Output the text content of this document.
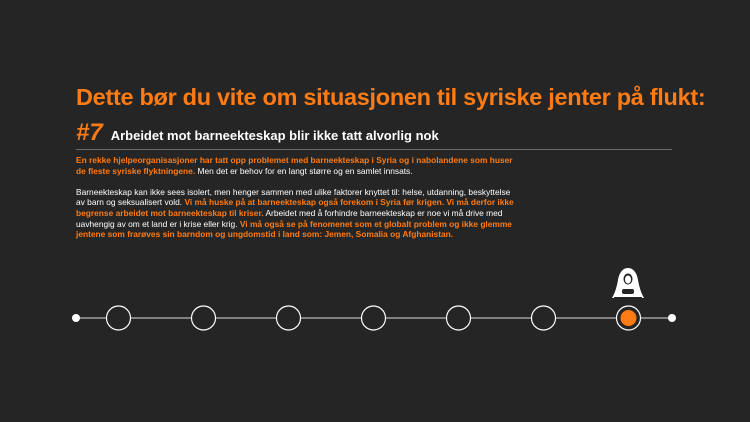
Dette bør du vite om situasjonen til syriske jenter på flukt:
#7 Arbeidet mot barneekteskap blir ikke tatt alvorlig nok

En rekke hjelpeorganisasjoner har tatt opp problemet med barneekteskap i Syria og i nabolandene som huser de fleste syriske flyktningene. Men det er behov for en langt større og en samlet innsats.

Barneekteskap kan ikke sees isolert, men henger sammen med ulike faktorer knyttet til: helse, utdanning, beskyttelse av barn og seksualisert vold. Vi må huske på at barneekteskap også forekom i Syria før krigen. Vi må derfor ikke begrense arbeidet mot barneekteskap til kriser. Arbeidet med å forhindre barneekteskap er noe vi må drive med uavhengig av om et land er i krise eller krig. Vi må også se på fenomenet som et globalt problem og ikke glemme jentene som frarøves sin barndom og ungdomstid i land som: Jemen, Somalia og Afghanistan.
